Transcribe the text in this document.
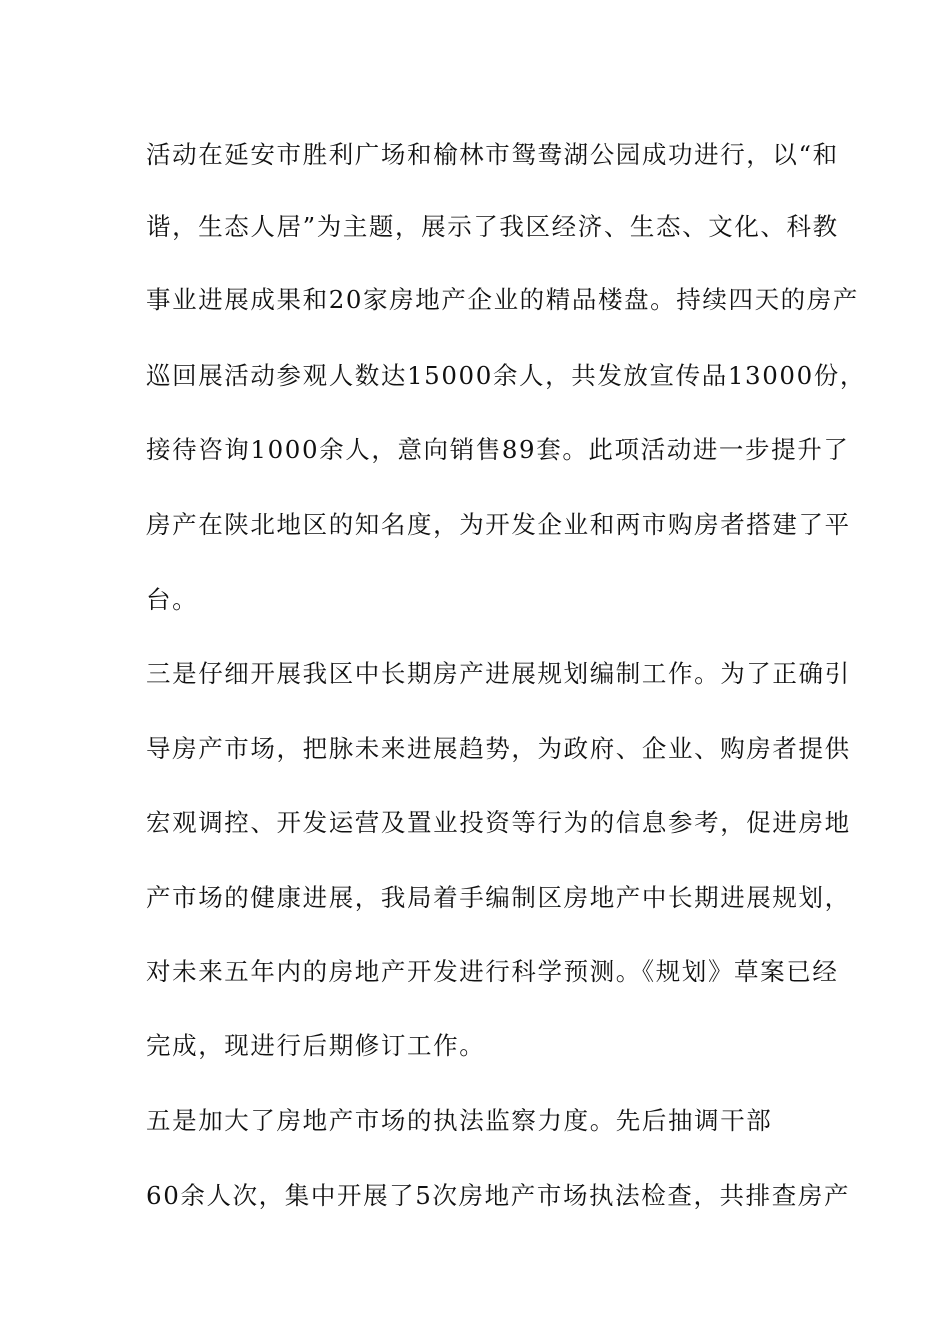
活动在延安市胜利广场和榆林市鸳鸯湖公园成功进行，以“和
谐，生态人居”为主题，展示了我区经济、生态、文化、科教
事业进展成果和20家房地产企业的精品楼盘。持续四天的房产
巡回展活动参观人数达15000余人，共发放宣传品13000份，
接待咨询1000余人，意向销售89套。此项活动进一步提升了
房产在陕北地区的知名度，为开发企业和两市购房者搭建了平
台。
三是仔细开展我区中长期房产进展规划编制工作。为了正确引
导房产市场，把脉未来进展趋势，为政府、企业、购房者提供
宏观调控、开发运营及置业投资等行为的信息参考，促进房地
产市场的健康进展，我局着手编制区房地产中长期进展规划，
对未来五年内的房地产开发进行科学预测。《规划》草案已经
完成，现进行后期修订工作。
五是加大了房地产市场的执法监察力度。先后抽调干部
60余人次，集中开展了5次房地产市场执法检查，共排查房产
